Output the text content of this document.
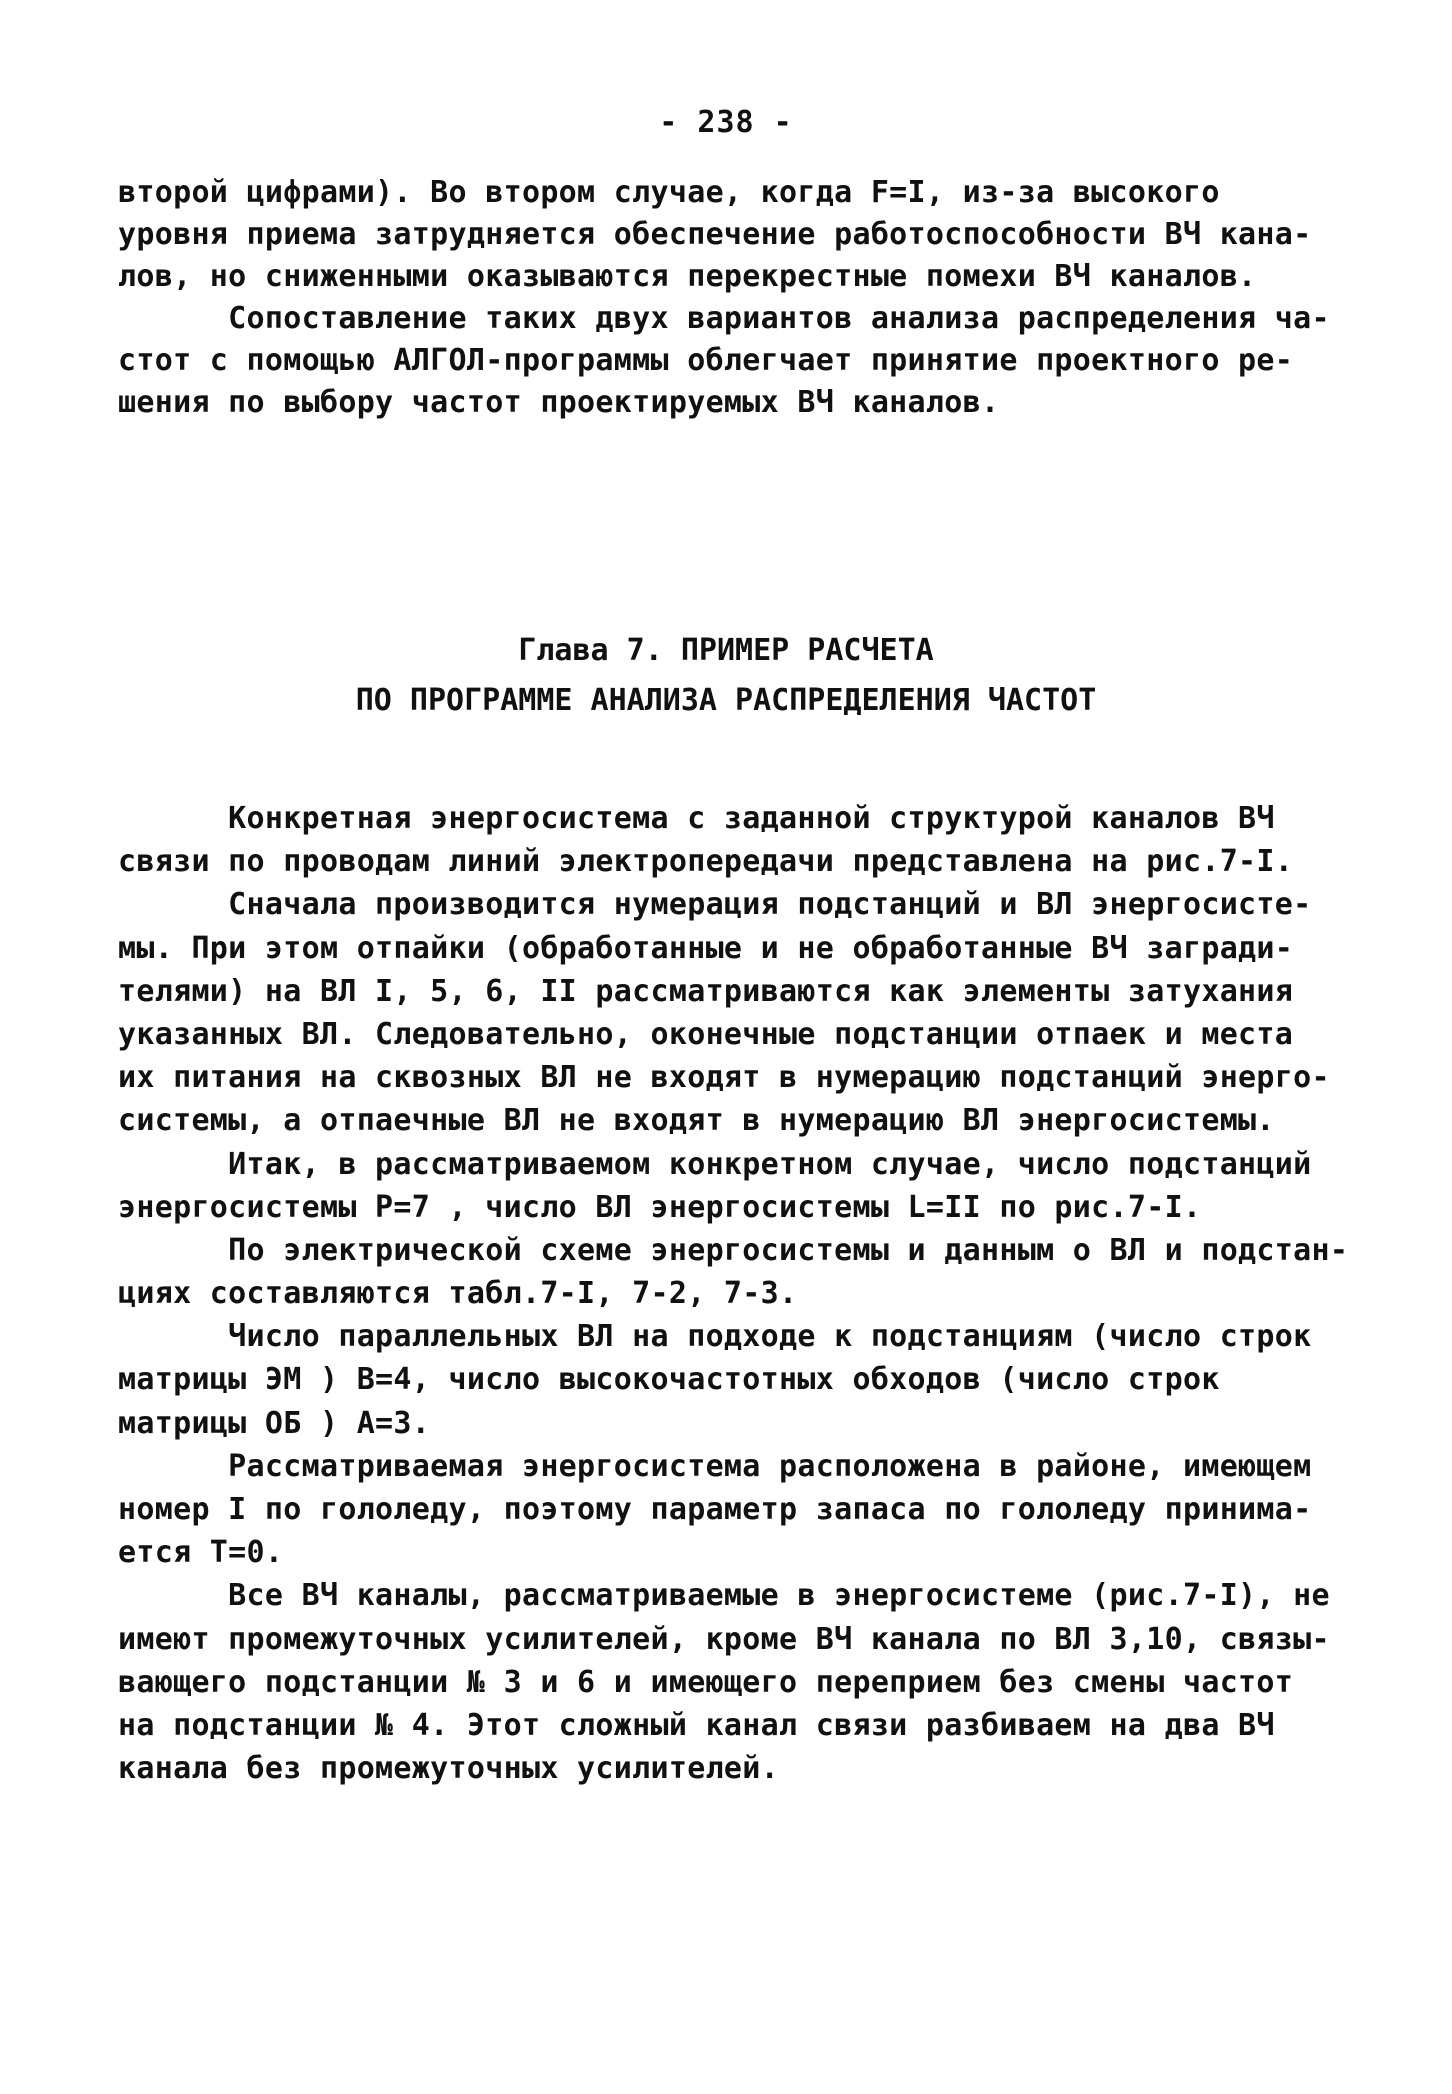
- 238 -
второй цифрами). Во втором случае, когда F=I, из-за высокого
уровня приема затрудняется обеспечение работоспособности ВЧ кана-
лов, но сниженными оказываются перекрестные помехи ВЧ каналов.
Сопоставление таких двух вариантов анализа распределения ча-
стот с помощью АЛГОЛ-программы облегчает принятие проектного ре-
шения по выбору частот проектируемых ВЧ каналов.
Глава 7. ПРИМЕР РАСЧЕТА
ПО ПРОГРАММЕ АНАЛИЗА РАСПРЕДЕЛЕНИЯ ЧАСТОТ
Конкретная энергосистема с заданной структурой каналов ВЧ
связи по проводам линий электропередачи представлена на рис.7-I.
Сначала производится нумерация подстанций и ВЛ энергосисте-
мы. При этом отпайки (обработанные и не обработанные ВЧ загради-
телями) на ВЛ I, 5, 6, II рассматриваются как элементы затухания
указанных ВЛ. Следовательно, оконечные подстанции отпаек и места
их питания на сквозных ВЛ не входят в нумерацию подстанций энерго-
системы, а отпаечные ВЛ не входят в нумерацию ВЛ энергосистемы.
Итак, в рассматриваемом конкретном случае, число подстанций
энергосистемы P=7 , число ВЛ энергосистемы L=II по рис.7-I.
По электрической схеме энергосистемы и данным о ВЛ и подстан-
циях составляются табл.7-I, 7-2, 7-3.
Число параллельных ВЛ на подходе к подстанциям (число строк
матрицы ЭМ ) B=4, число высокочастотных обходов (число строк
матрицы ОБ ) A=3.
Рассматриваемая энергосистема расположена в районе, имеющем
номер I по гололеду, поэтому параметр запаса по гололеду принима-
ется T=0.
Все ВЧ каналы, рассматриваемые в энергосистеме (рис.7-I), не
имеют промежуточных усилителей, кроме ВЧ канала по ВЛ 3,10, связы-
вающего подстанции № 3 и 6 и имеющего переприем без смены частот
на подстанции № 4. Этот сложный канал связи разбиваем на два ВЧ
канала без промежуточных усилителей.
